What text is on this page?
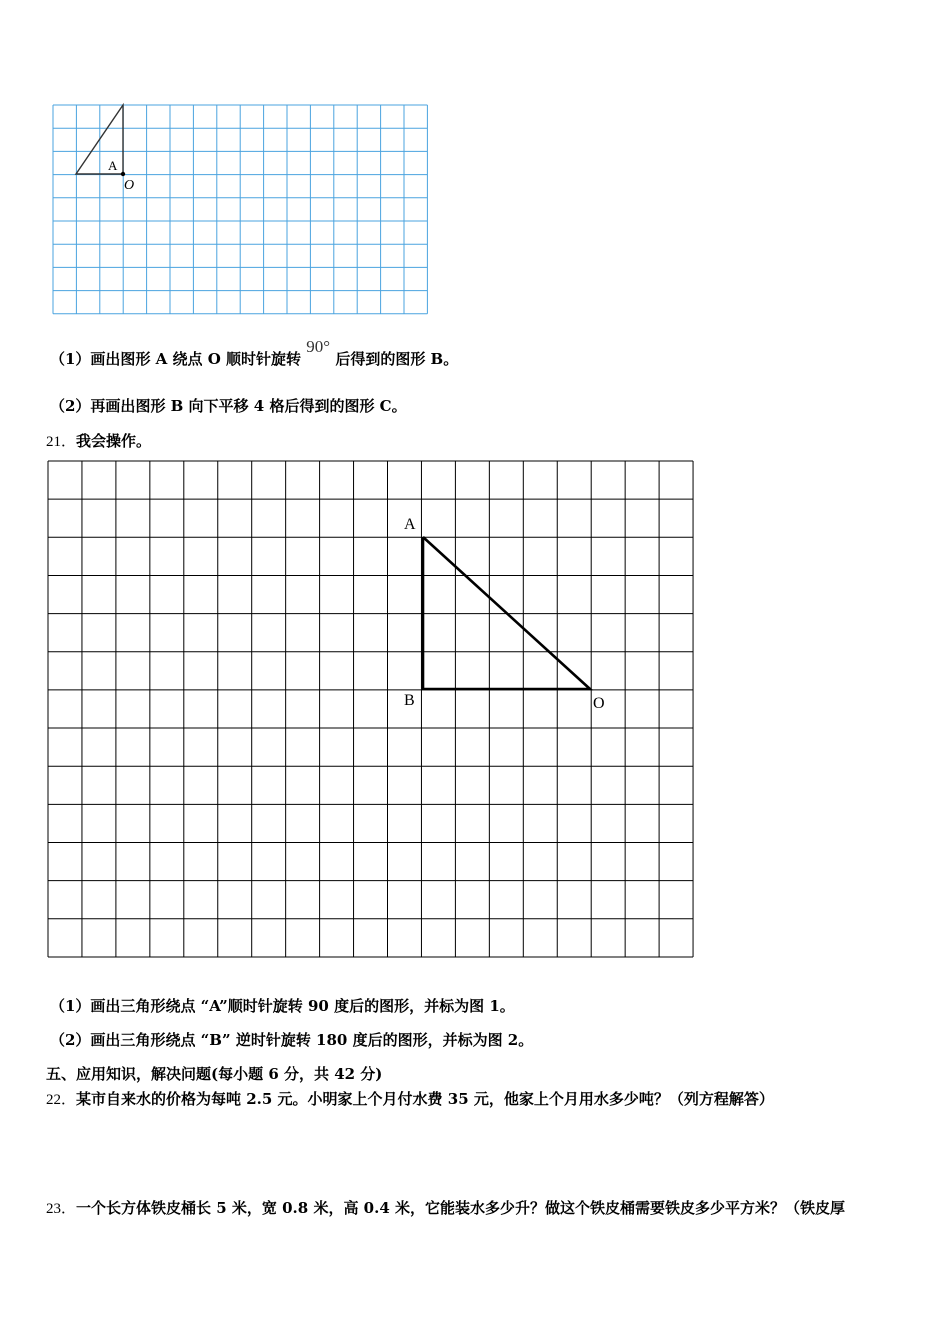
A
O
（1）画出图形 A 绕点 O 顺时针旋转 90° 后得到的图形 B。
（2）再画出图形 B 向下平移 4 格后得到的图形 C。
21．我会操作。
A
B	O
（1）画出三角形绕点 “A”顺时针旋转 90 度后的图形，并标为图 1。
（2）画出三角形绕点 “B” 逆时针旋转 180 度后的图形，并标为图 2。
五、应用知识，解决问题(每小题 6 分，共 42 分)
22．某市自来水的价格为每吨 2.5 元。小明家上个月付水费 35 元，他家上个月用水多少吨？（列方程解答）
23．一个长方体铁皮桶长 5 米，宽 0.8 米，高 0.4 米，它能装水多少升？做这个铁皮桶需要铁皮多少平方米？（铁皮厚
